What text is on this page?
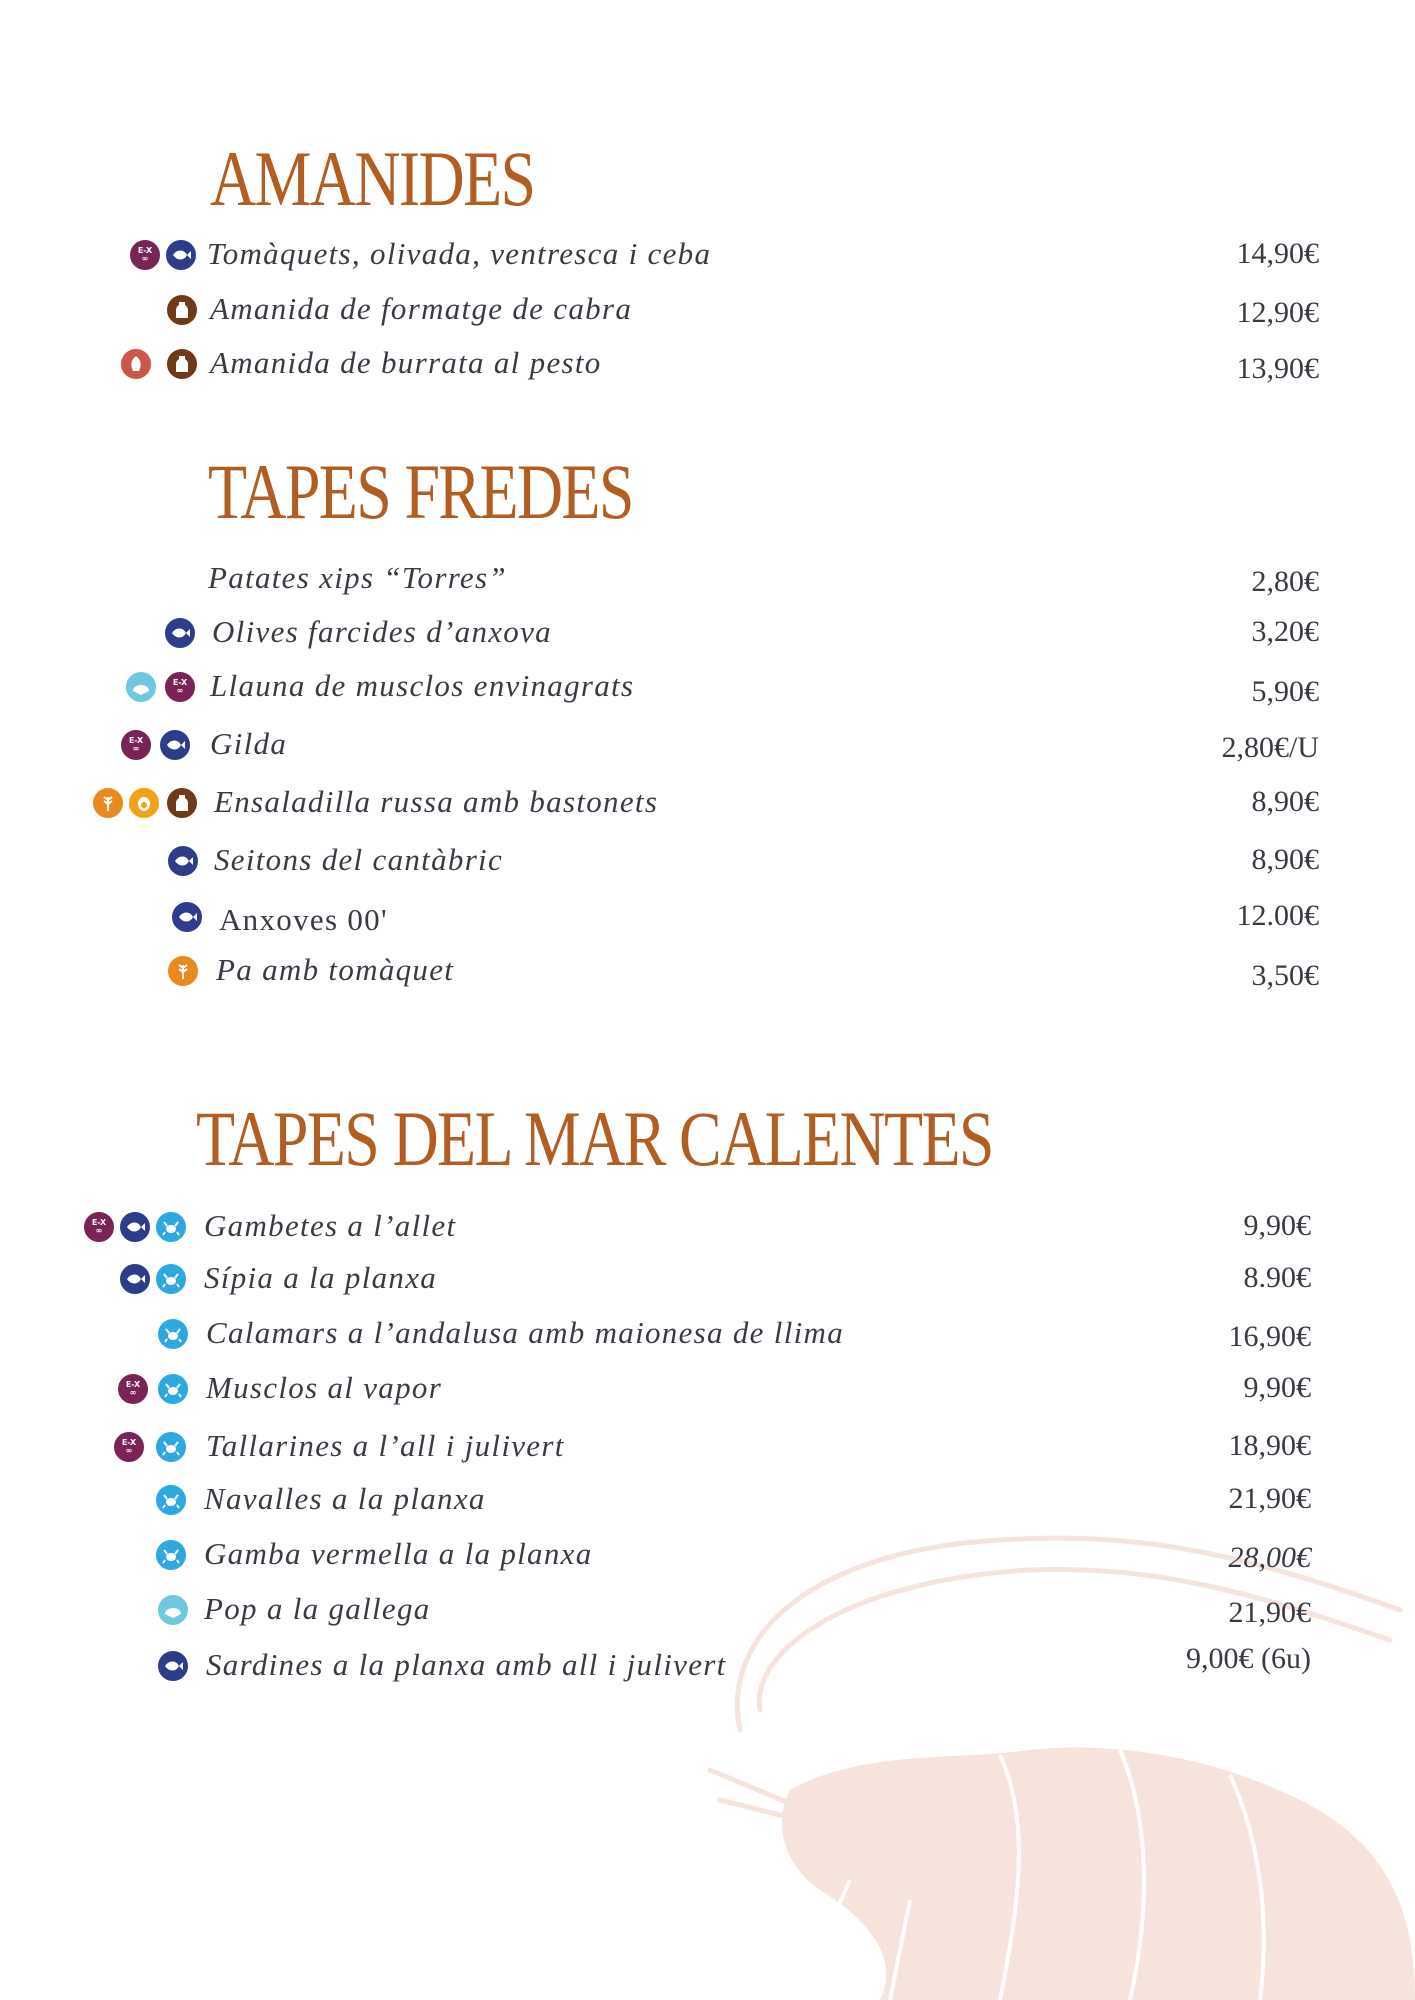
AMANIDES
E-X
∞ Tomàquets, olivada, ventresca i ceba	14,90€
Amanida de formatge de cabra	12,90€
Amanida de burrata al pesto	13,90€
TAPES FREDES
Patates xips “Torres”	2,80€
Olives farcides d’anxova	3,20€
E-X
∞ Llauna de musclos envinagrats	5,90€
E-X
∞ Gilda	2,80€/U
Ensaladilla russa amb bastonets	8,90€
Seitons del cantàbric	8,90€
Anxoves 00'	12.00€
Pa amb tomàquet	3,50€
TAPES DEL MAR CALENTES
E-X
∞	Gambetes a l’allet	9,90€
Sípia a la planxa	8.90€
Calamars a l’andalusa amb maionesa de llima	16,90€
E-X
∞ Musclos al vapor	9,90€
E-X
∞ Tallarines a l’all i julivert	18,90€
Navalles a la planxa	21,90€
Gamba vermella a la planxa	28,00€
Pop a la gallega	21,90€
Sardines a la planxa amb all i julivert	9,00€ (6u)
